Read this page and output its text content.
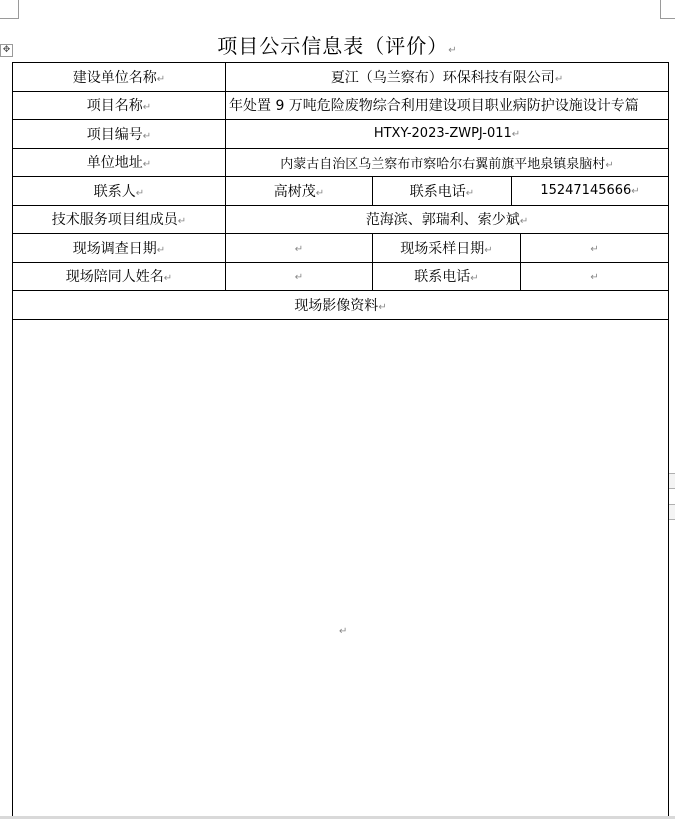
✥	项目公示信息表（评价）↵
建设单位名称↵	夏江（乌兰察布）环保科技有限公司↵			
项目名称↵	年处置 9 万吨危险废物综合利用建设项目职业病防护设施设计专篇			
项目编号↵	HTXY-2023-ZWPJ-011↵			
单位地址↵	内蒙古自治区乌兰察布市察哈尔右翼前旗平地泉镇泉脑村↵			
联系人↵	高树茂↵	联系电话↵	15247145666↵	
技术服务项目组成员↵	范海滨、郭瑞利、索少斌↵			
现场调查日期↵	↵	现场采样日期↵		↵
现场陪同人姓名↵	↵	联系电话↵		↵
现场影像资料↵				
↵
